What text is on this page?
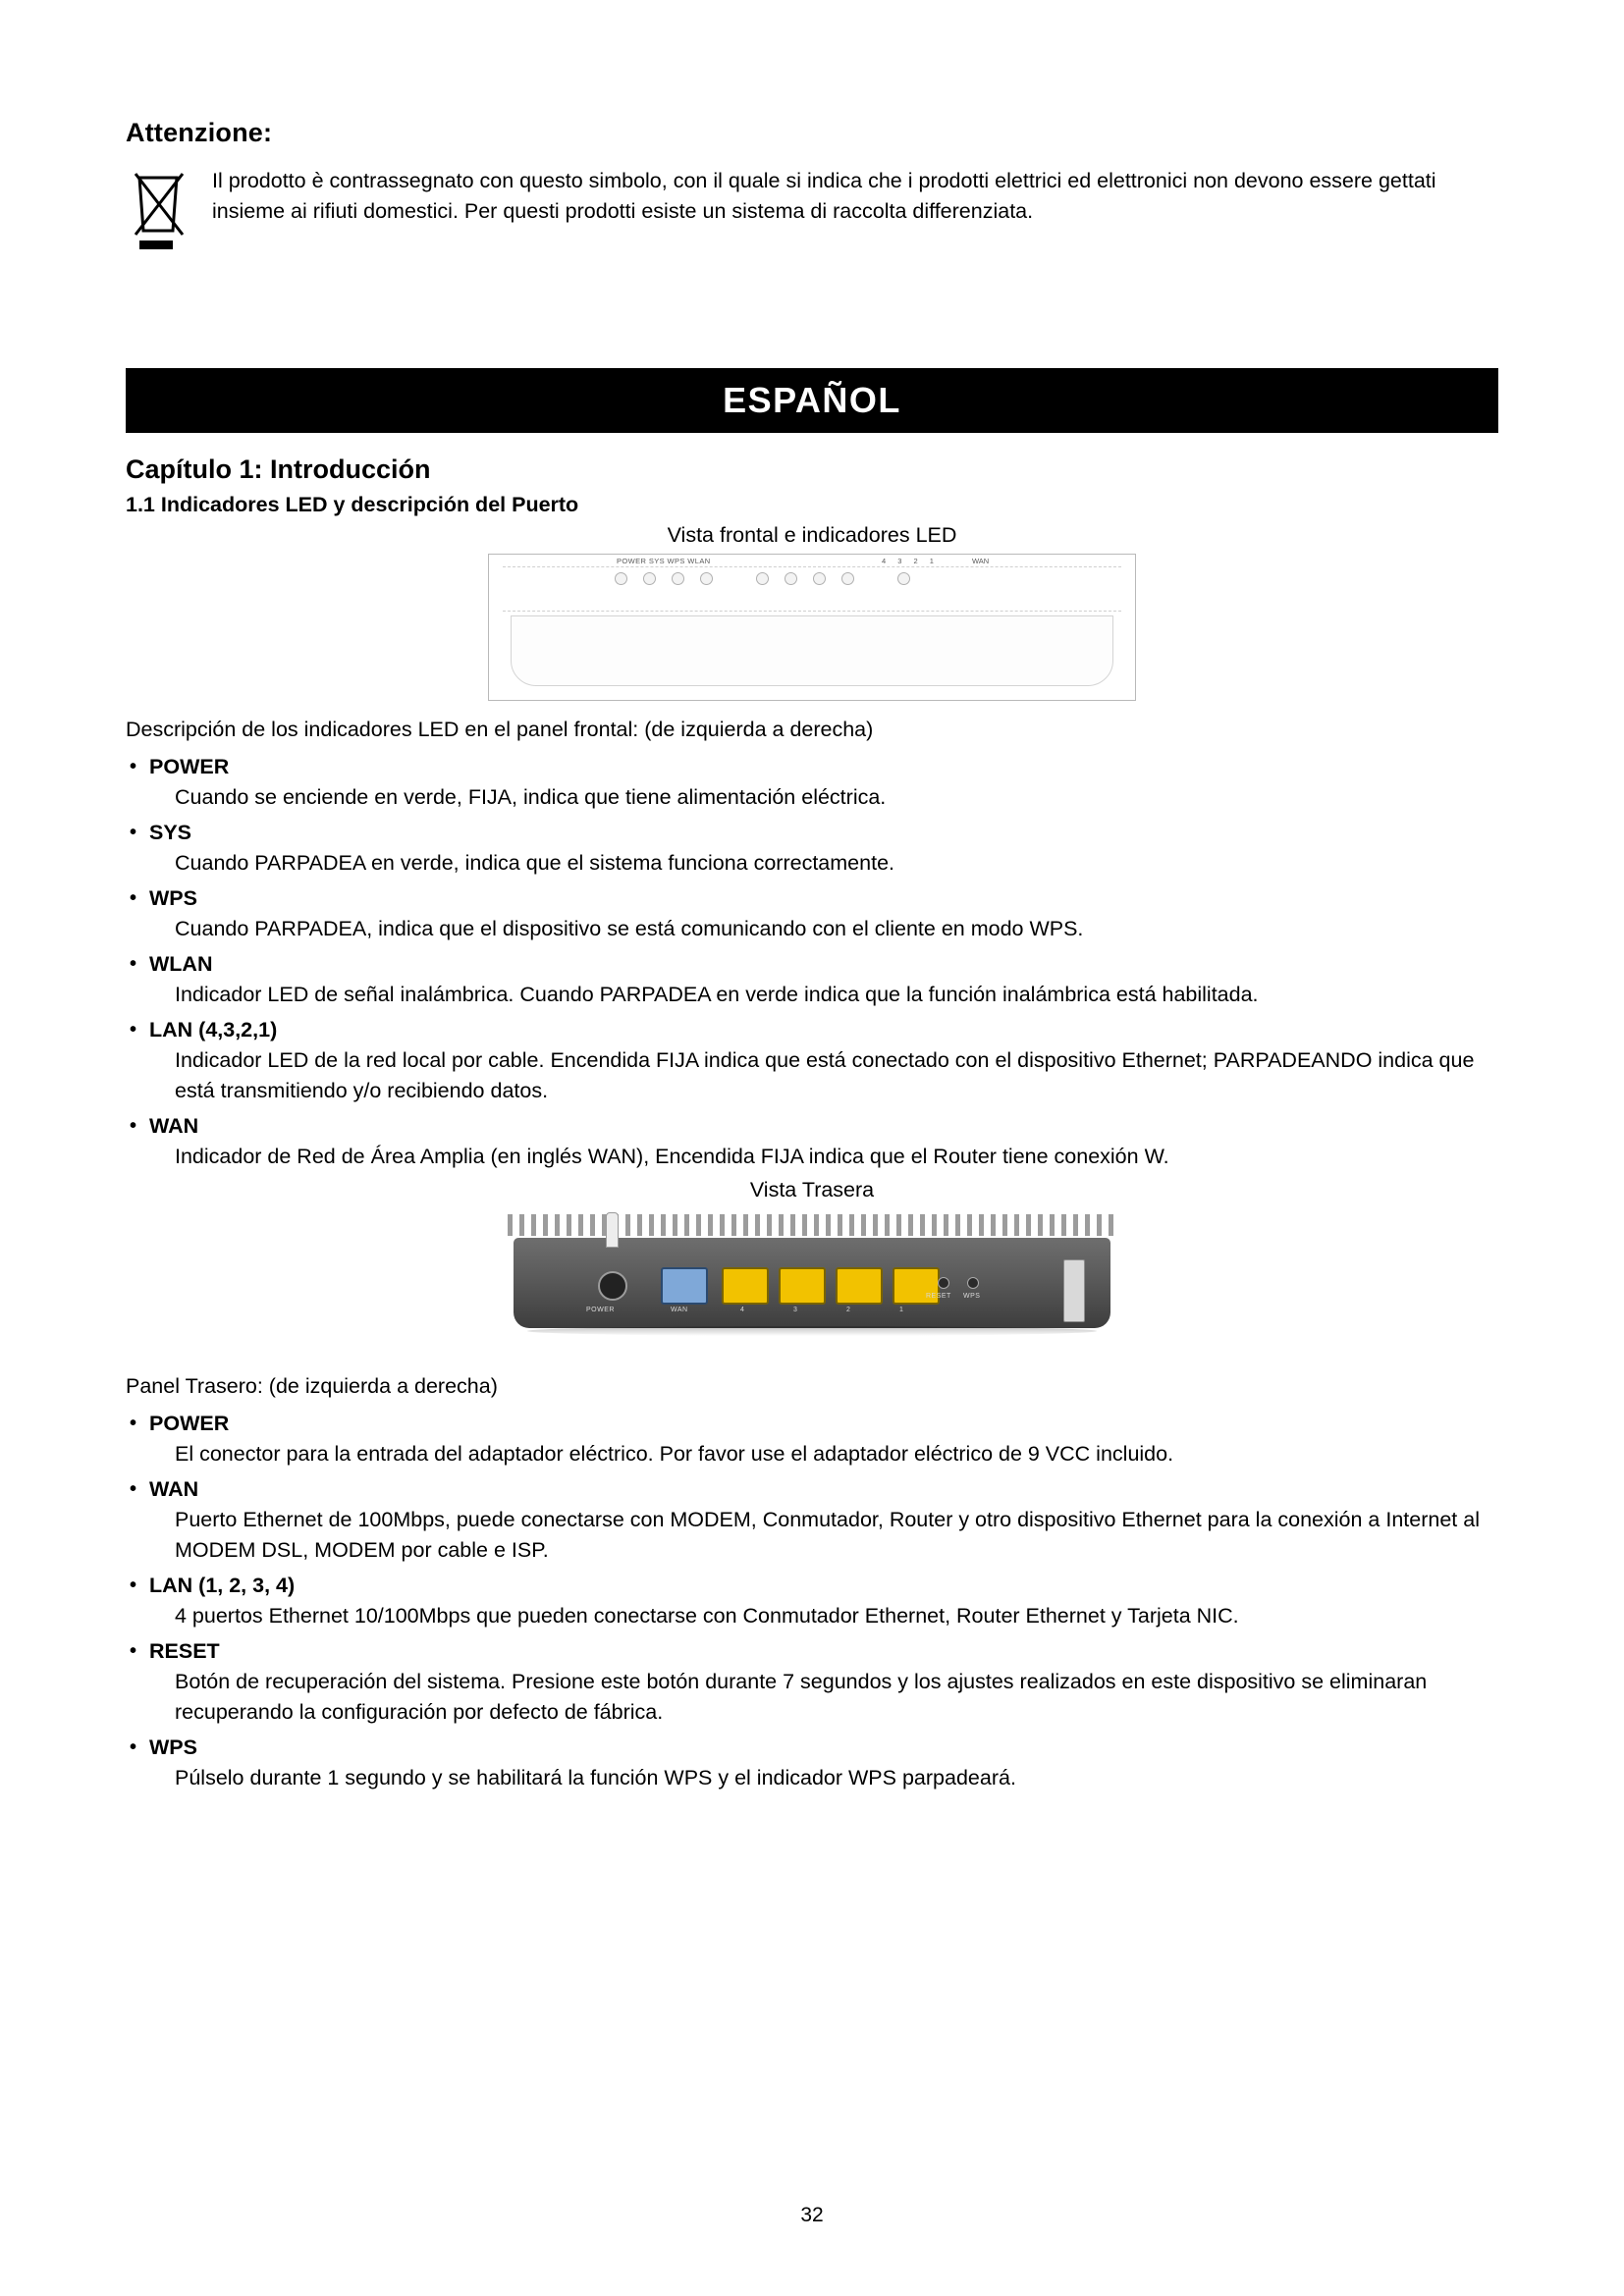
Attenzione:
Il prodotto è contrassegnato con questo simbolo, con il quale si indica che i prodotti elettrici ed elettronici non devono essere gettati insieme ai rifiuti domestici. Per questi prodotti esiste un sistema di raccolta differenziata.
ESPAÑOL
Capítulo 1: Introducción
1.1 Indicadores LED y descripción del Puerto
Vista frontal e indicadores LED
POWER SYS WPS WLAN	4 3 2 1	WAN
Descripción de los indicadores LED en el panel frontal: (de izquierda a derecha)
• POWER
Cuando se enciende en verde, FIJA, indica que tiene alimentación eléctrica.
• SYS
Cuando PARPADEA en verde, indica que el sistema funciona correctamente.
• WPS
Cuando PARPADEA, indica que el dispositivo se está comunicando con el cliente en modo WPS.
• WLAN
Indicador LED de señal inalámbrica. Cuando PARPADEA en verde indica que la función inalámbrica está habilitada.
• LAN (4,3,2,1)
Indicador LED de la red local por cable. Encendida FIJA indica que está conectado con el dispositivo Ethernet; PARPADEANDO indica que está transmitiendo y/o recibiendo datos.
• WAN
Indicador de Red de Área Amplia (en inglés WAN), Encendida FIJA indica que el Router tiene conexión W.
Vista Trasera
POWER	WAN	4	3	2	1
RESET WPS
Panel Trasero: (de izquierda a derecha)
• POWER
El conector para la entrada del adaptador eléctrico. Por favor use el adaptador eléctrico de 9 VCC incluido.
• WAN
Puerto Ethernet de 100Mbps, puede conectarse con MODEM, Conmutador, Router y otro dispositivo Ethernet para la conexión a Internet al MODEM DSL, MODEM por cable e ISP.
• LAN (1, 2, 3, 4)
4 puertos Ethernet 10/100Mbps que pueden conectarse con Conmutador Ethernet, Router Ethernet y Tarjeta NIC.
• RESET
Botón de recuperación del sistema. Presione este botón durante 7 segundos y los ajustes realizados en este dispositivo se eliminaran recuperando la configuración por defecto de fábrica.
• WPS
Púlselo durante 1 segundo y se habilitará la función WPS y el indicador WPS parpadeará.
32
